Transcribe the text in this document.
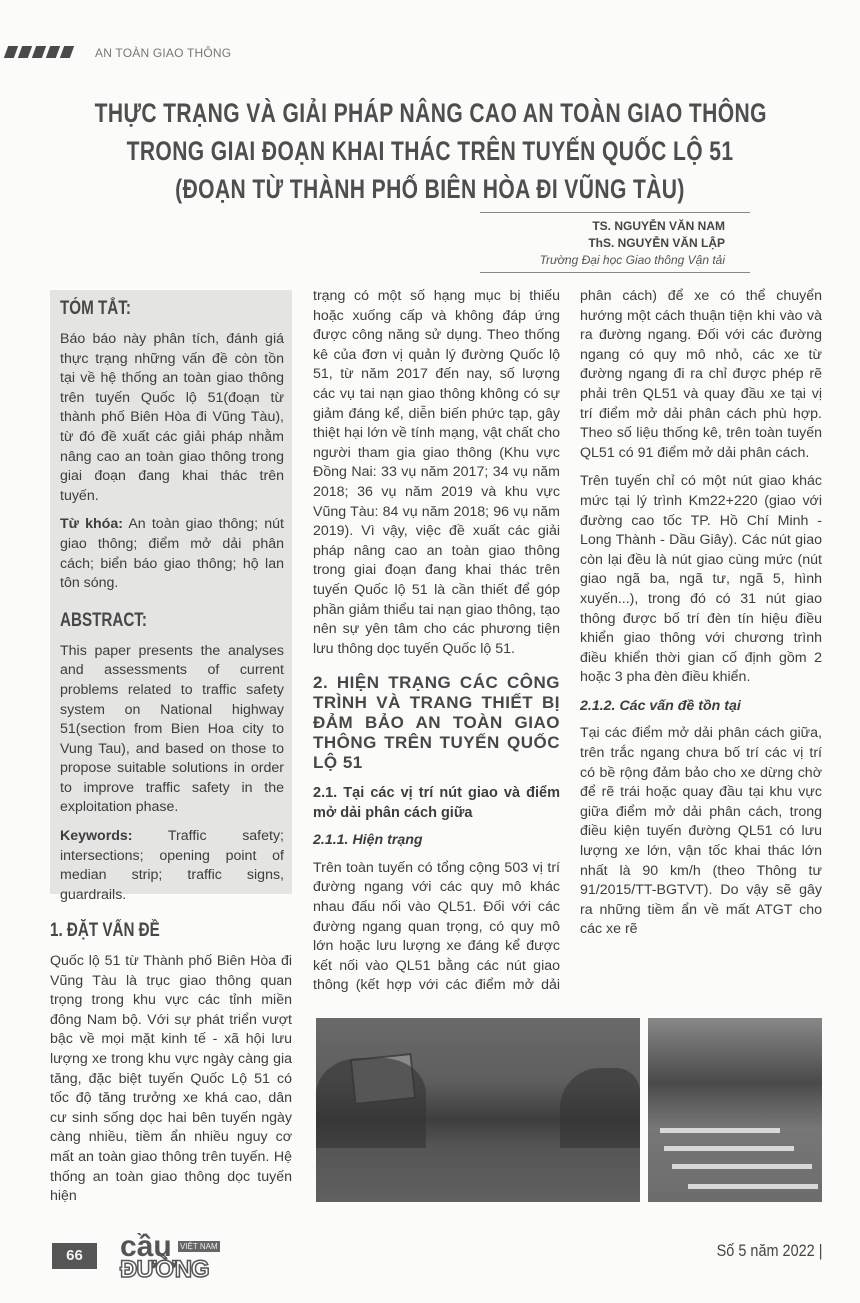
AN TOÀN GIAO THÔNG
THỰC TRẠNG VÀ GIẢI PHÁP NÂNG CAO AN TOÀN GIAO THÔNG
TRONG GIAI ĐOẠN KHAI THÁC TRÊN TUYẾN QUỐC LỘ 51
(ĐOẠN TỪ THÀNH PHỐ BIÊN HÒA ĐI VŨNG TÀU)
TS. NGUYỄN VĂN NAM
ThS. NGUYỄN VĂN LẬP
Trường Đại học Giao thông Vận tải
TÓM TẮT:

Báo báo này phân tích, đánh giá thực trạng những vấn đề còn tồn tại về hệ thống an toàn giao thông trên tuyến Quốc lộ 51(đoạn từ thành phố Biên Hòa đi Vũng Tàu), từ đó đề xuất các giải pháp nhằm nâng cao an toàn giao thông trong giai đoạn đang khai thác trên tuyến.

Từ khóa: An toàn giao thông; nút giao thông; điểm mở dải phân cách; biển báo giao thông; hộ lan tôn sóng.

ABSTRACT:

This paper presents the analyses and assessments of current problems related to traffic safety system on National highway 51(section from Bien Hoa city to Vung Tau), and based on those to propose suitable solutions in order to improve traffic safety in the exploitation phase.

Keywords: Traffic safety; intersections; opening point of median strip; traffic signs, guardrails.

1. ĐẶT VẤN ĐỀ

Quốc lộ 51 từ Thành phố Biên Hòa đi Vũng Tàu là trục giao thông quan trọng trong khu vực các tỉnh miền đông Nam bộ. Với sự phát triển vượt bậc về mọi mặt kinh tế - xã hội lưu lượng xe trong khu vực ngày càng gia tăng, đặc biệt tuyến Quốc Lộ 51 có tốc độ tăng trưởng xe khá cao, dân cư sinh sống dọc hai bên tuyến ngày càng nhiều, tiềm ẩn nhiều nguy cơ mất an toàn giao thông trên tuyến. Hệ thống an toàn giao thông dọc tuyến hiện

trạng có một số hạng mục bị thiếu hoặc xuống cấp và không đáp ứng được công năng sử dụng. Theo thống kê của đơn vị quản lý đường Quốc lộ 51, từ năm 2017 đến nay, số lượng các vụ tai nạn giao thông không có sự giảm đáng kể, diễn biến phức tạp, gây thiệt hại lớn về tính mạng, vật chất cho người tham gia giao thông (Khu vực Đồng Nai: 33 vụ năm 2017; 34 vụ năm 2018; 36 vụ năm 2019 và khu vực Vũng Tàu: 84 vụ năm 2018; 96 vụ năm 2019). Vì vậy, việc đề xuất các giải pháp nâng cao an toàn giao thông trong giai đoạn đang khai thác trên tuyến Quốc lộ 51 là cần thiết để góp phần giảm thiểu tai nạn giao thông, tạo nên sự yên tâm cho các phương tiện lưu thông dọc tuyến Quốc lộ 51.

2. HIỆN TRẠNG CÁC CÔNG TRÌNH VÀ TRANG THIẾT BỊ ĐẢM BẢO AN TOÀN GIAO THÔNG TRÊN TUYẾN QUỐC LỘ 51
2.1. Tại các vị trí nút giao và điểm mở dải phân cách giữa
2.1.1. Hiện trạng
Trên toàn tuyến có tổng cộng 503 vị trí đường ngang với các quy mô khác nhau đấu nối vào QL51. Đối với các đường ngang quan trọng, có quy mô lớn hoặc lưu lượng xe đáng kể được kết nối vào QL51 bằng các nút giao thông (kết hợp với các điểm mở dải

phân cách) để xe có thể chuyển hướng một cách thuận tiện khi vào và ra đường ngang. Đối với các đường ngang có quy mô nhỏ, các xe từ đường ngang đi ra chỉ được phép rẽ phải trên QL51 và quay đầu xe tại vị trí điểm mở dải phân cách phù hợp. Theo số liệu thống kê, trên toàn tuyến QL51 có 91 điểm mở dải phân cách.

Trên tuyến chỉ có một nút giao khác mức tại lý trình Km22+220 (giao với đường cao tốc TP. Hồ Chí Minh - Long Thành - Dầu Giây). Các nút giao còn lại đều là nút giao cùng mức (nút giao ngã ba, ngã tư, ngã 5, hình xuyến...), trong đó có 31 nút giao thông được bố trí đèn tín hiệu điều khiển giao thông với chương trình điều khiển thời gian cố định gồm 2 hoặc 3 pha đèn điều khiển.

2.1.2. Các vấn đề tồn tại

Tại các điểm mở dải phân cách giữa, trên trắc ngang chưa bố trí các vị trí có bề rộng đảm bảo cho xe dừng chờ để rẽ trái hoặc quay đầu tại khu vực giữa điểm mở dải phân cách, trong điều kiện tuyến đường QL51 có lưu lượng xe lớn, vận tốc khai thác lớn nhất là 90 km/h (theo Thông tư 91/2015/TT-BGTVT). Do vậy sẽ gây ra những tiềm ẩn về mất ATGT cho các xe rẽ

66	cầu VIỆT NAM
ĐƯỜNG
Số 5 năm 2022 |
